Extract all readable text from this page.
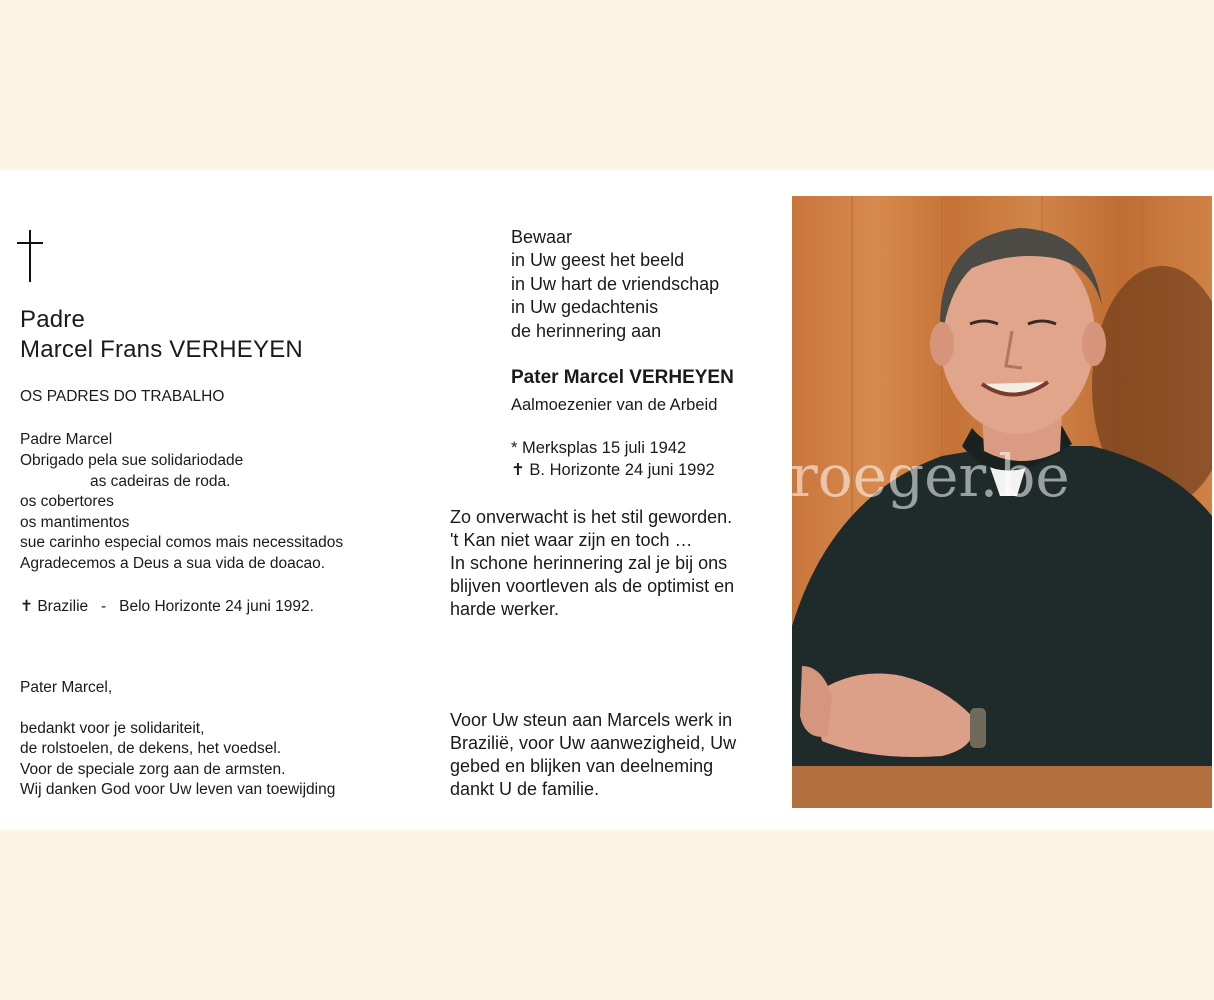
Padre
Marcel Frans VERHEYEN
OS PADRES DO TRABALHO
Padre Marcel
Obrigado pela sue solidariodade
as cadeiras de roda.
os cobertores
os mantimentos
sue carinho especial comos mais necessitados
Agradecemos a Deus a sua vida de doacao.
✝ Brazilie   -   Belo Horizonte 24 juni 1992.
Pater Marcel,
bedankt voor je solidariteit,
de rolstoelen, de dekens, het voedsel.
Voor de speciale zorg aan de armsten.
Wij danken God voor Uw leven van toewijding
Bewaar
in Uw geest het beeld
in Uw hart de vriendschap
in Uw gedachtenis
de herinnering aan
Pater Marcel VERHEYEN
Aalmoezenier van de Arbeid
* Merksplas 15 juli 1942
✝ B. Horizonte 24 juni 1992
Zo onverwacht is het stil geworden.
't Kan niet waar zijn en toch …
In schone herinnering zal je bij ons
blijven voortleven als de optimist en
harde werker.
Voor Uw steun aan Marcels werk in
Brazilië, voor Uw aanwezigheid, Uw
gebed en blijken van deelneming
dankt U de familie.
roeger.be
